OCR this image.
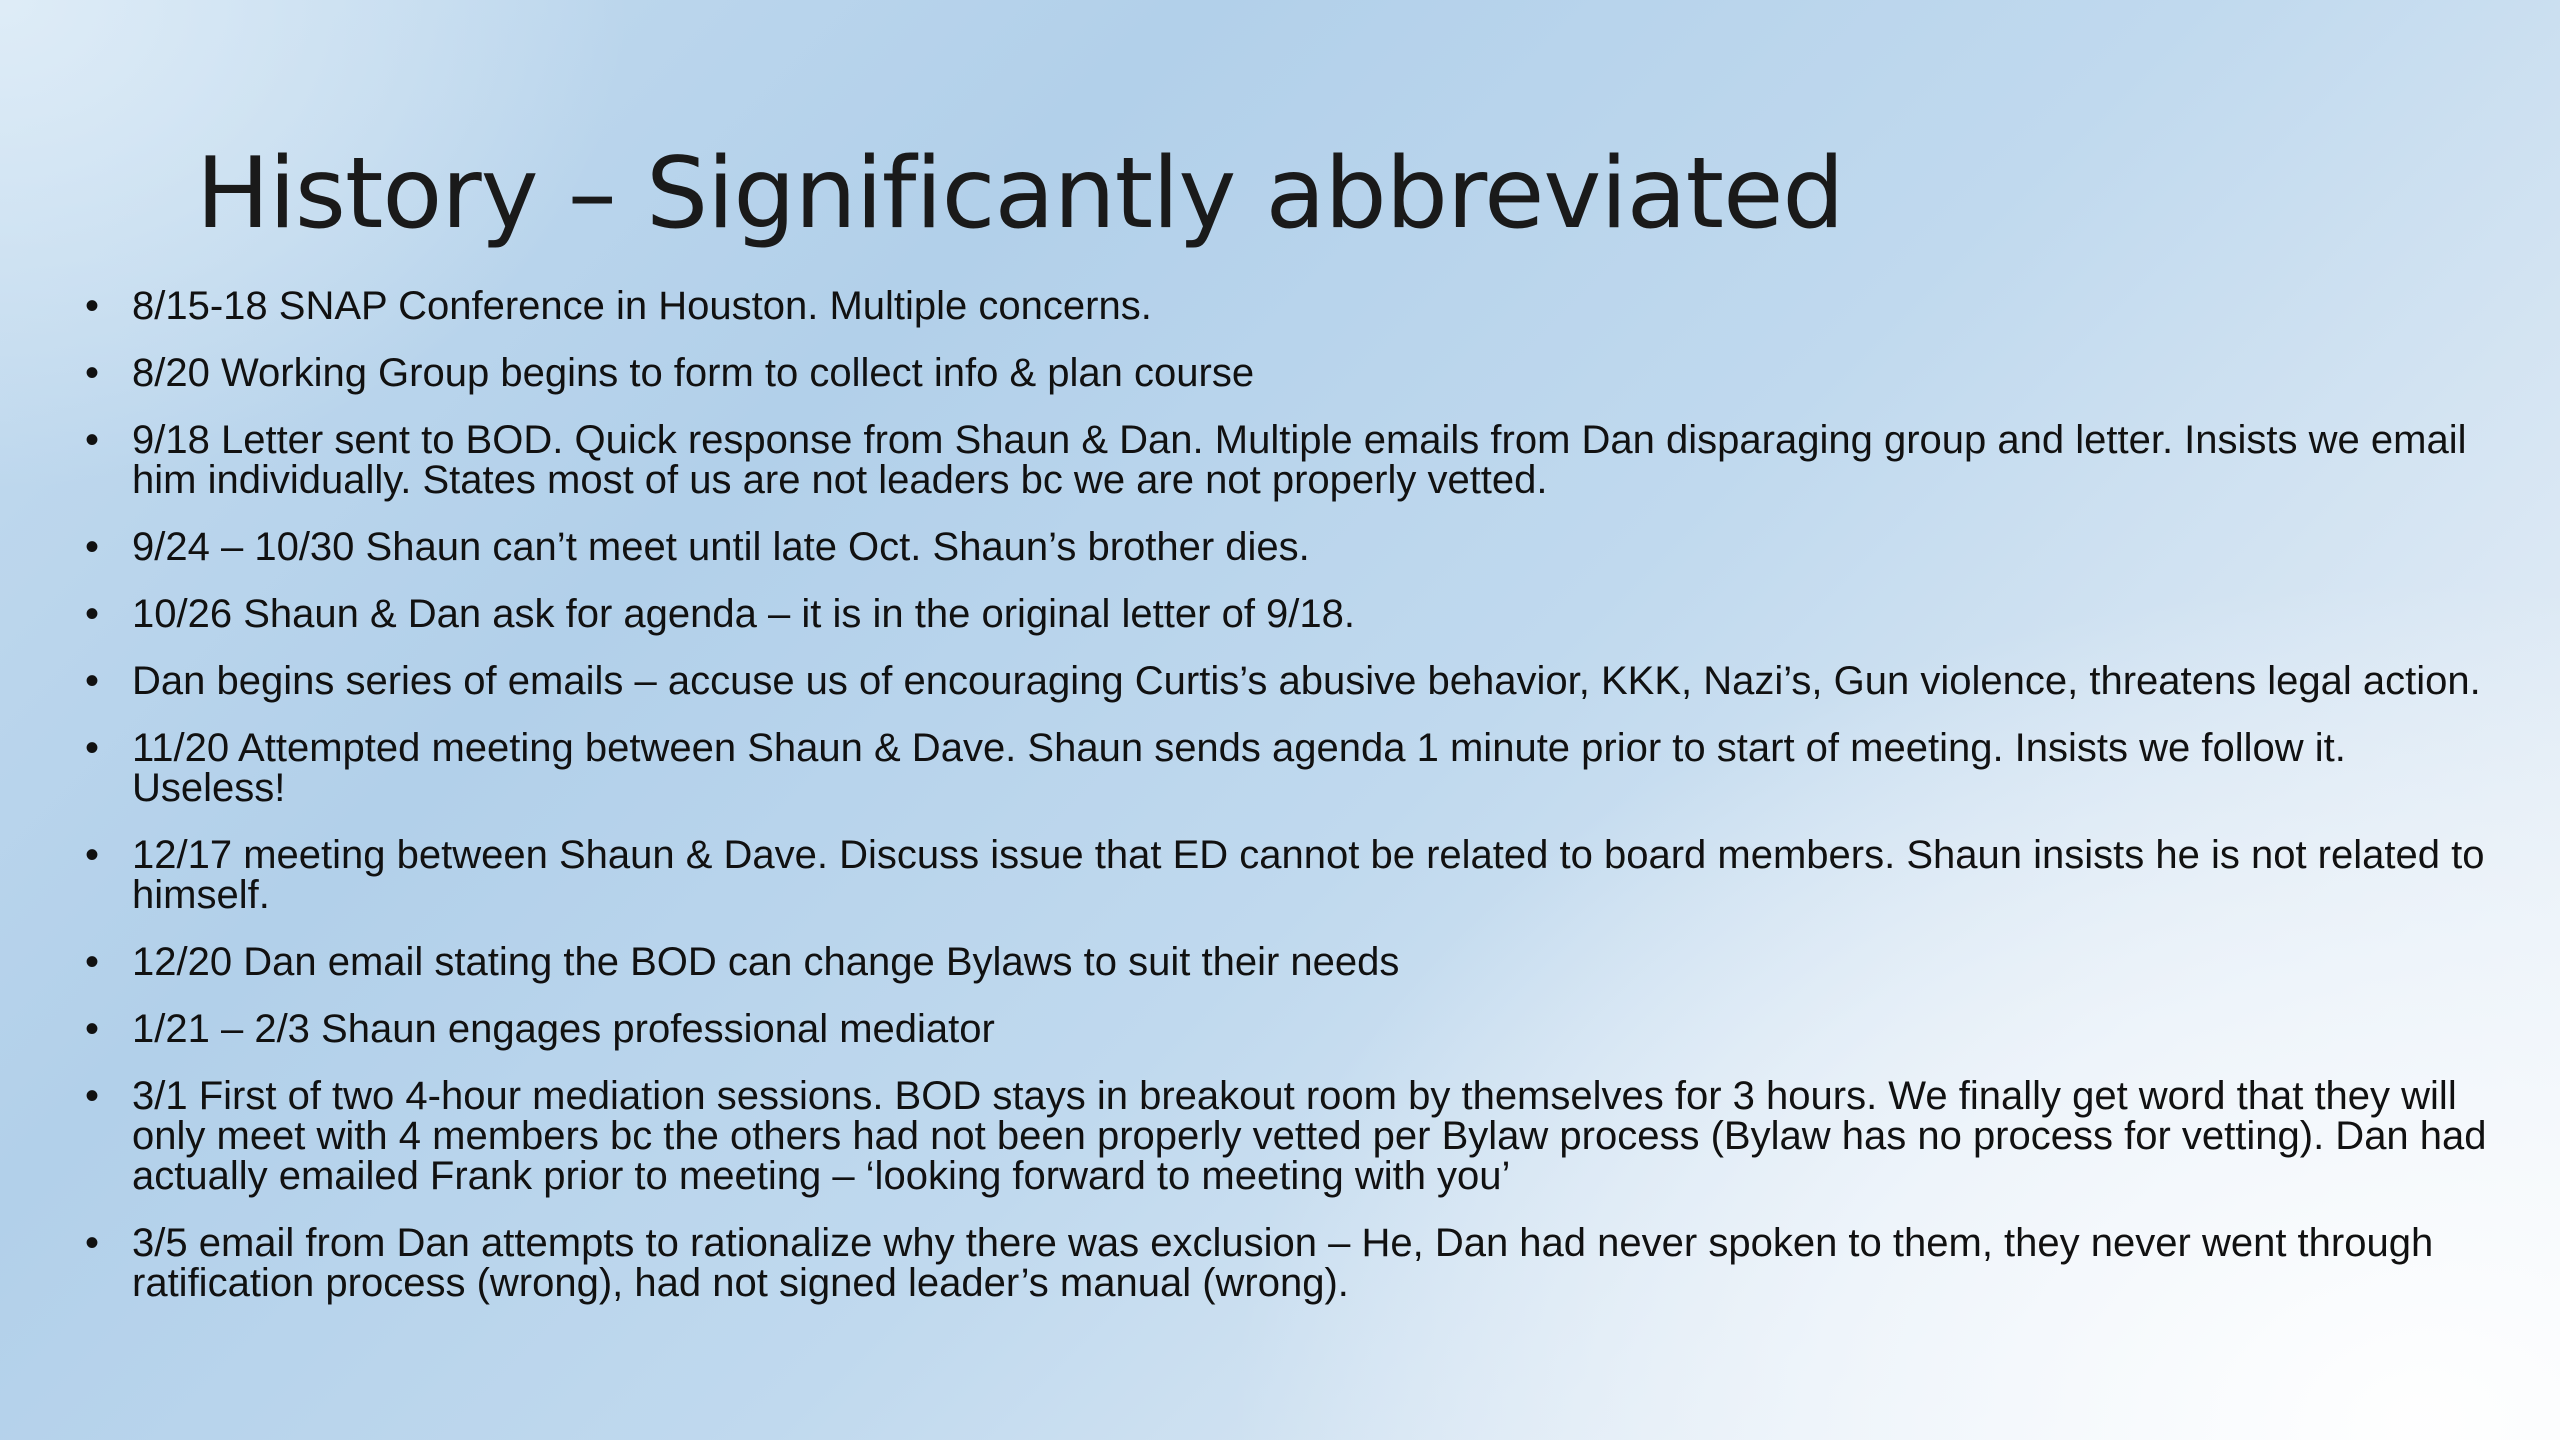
History – Significantly abbreviated
• 8/15-18 SNAP Conference in Houston. Multiple concerns.
• 8/20 Working Group begins to form to collect info & plan course
• 9/18 Letter sent to BOD. Quick response from Shaun & Dan. Multiple emails from Dan disparaging group and letter. Insists we email him individually. States most of us are not leaders bc we are not properly vetted.
• 9/24 – 10/30 Shaun can’t meet until late Oct. Shaun’s brother dies.
• 10/26 Shaun & Dan ask for agenda – it is in the original letter of 9/18.
• Dan begins series of emails – accuse us of encouraging Curtis’s abusive behavior, KKK, Nazi’s, Gun violence, threatens legal action.
• 11/20 Attempted meeting between Shaun & Dave. Shaun sends agenda 1 minute prior to start of meeting. Insists we follow it. Useless!
• 12/17 meeting between Shaun & Dave. Discuss issue that ED cannot be related to board members. Shaun insists he is not related to himself.
• 12/20 Dan email stating the BOD can change Bylaws to suit their needs
• 1/21 – 2/3 Shaun engages professional mediator
• 3/1 First of two 4-hour mediation sessions. BOD stays in breakout room by themselves for 3 hours. We finally get word that they will only meet with 4 members bc the others had not been properly vetted per Bylaw process (Bylaw has no process for vetting). Dan had actually emailed Frank prior to meeting – ‘looking forward to meeting with you’
• 3/5 email from Dan attempts to rationalize why there was exclusion – He, Dan had never spoken to them, they never went through ratification process (wrong), had not signed leader’s manual (wrong).
